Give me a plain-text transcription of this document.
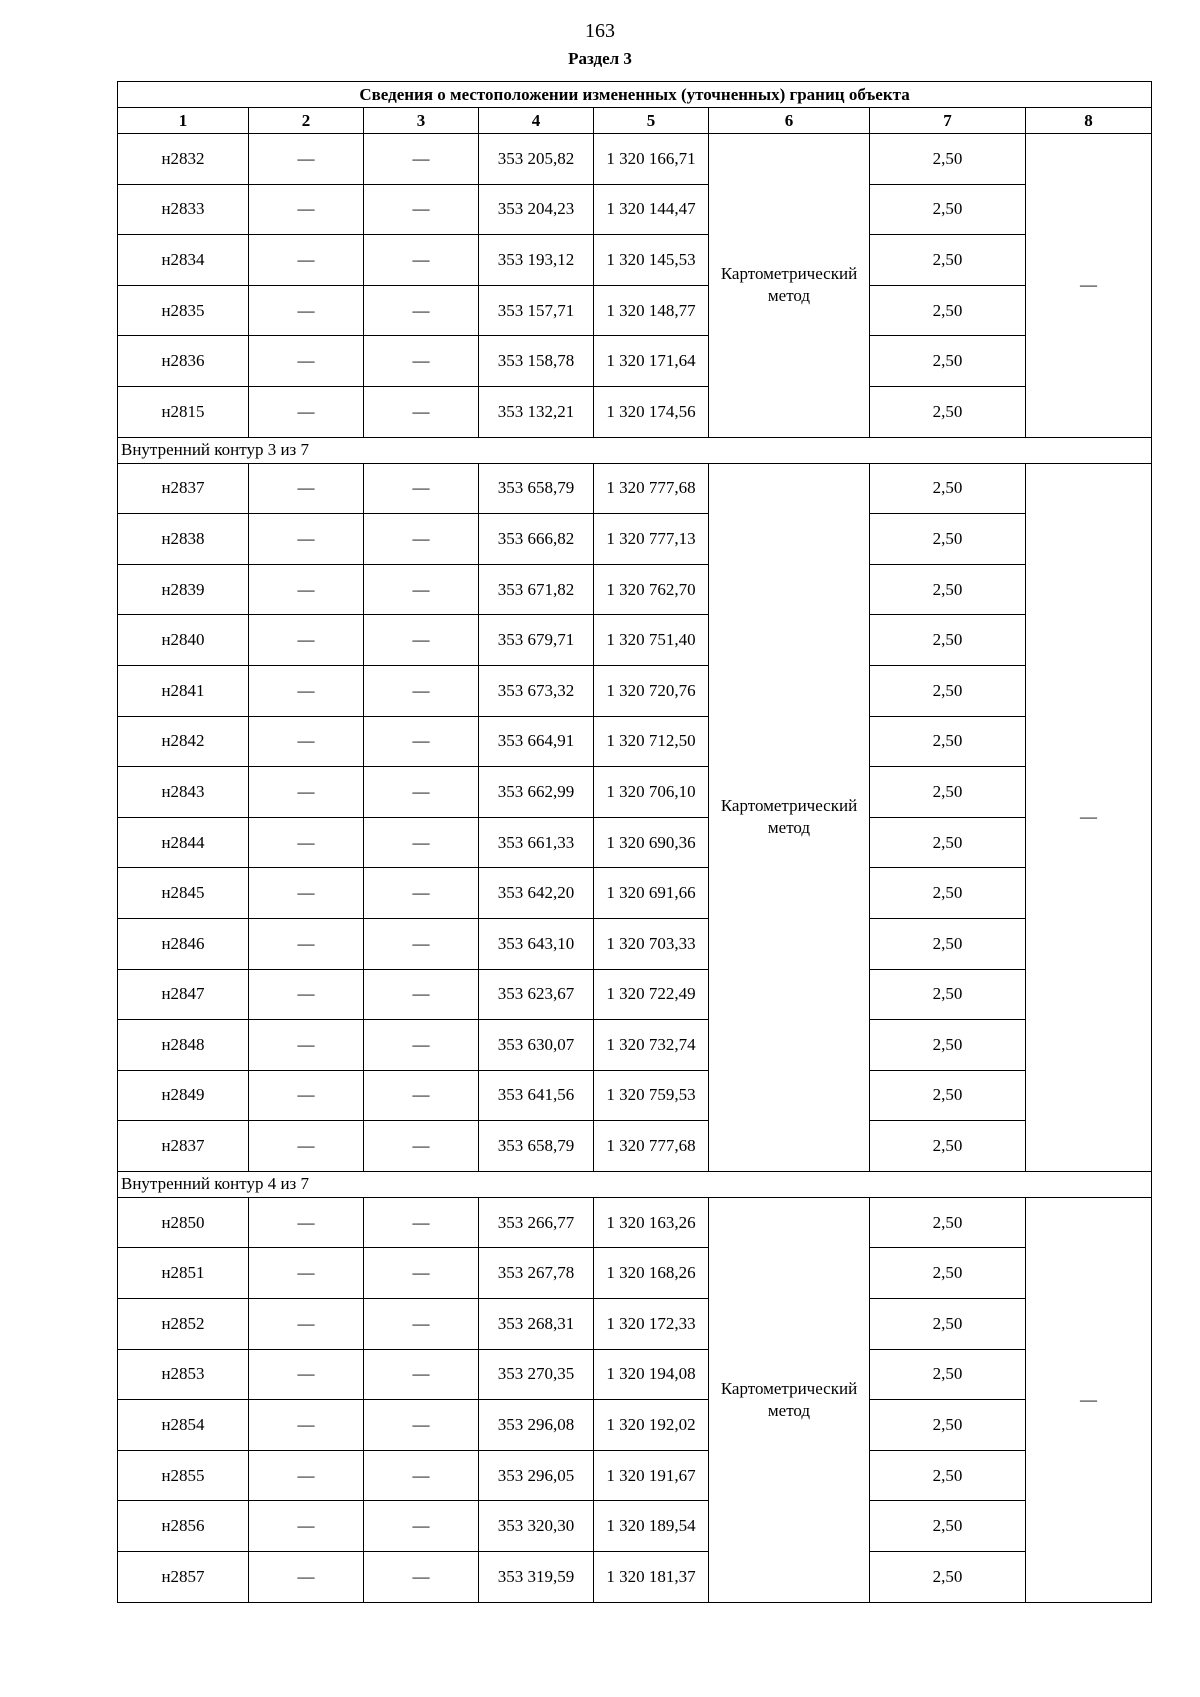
163
Раздел 3
Сведения о местоположении измененных (уточненных) границ объекта							
1	2	3	4	5	6	7	8
н2832	—	—	353 205,82	1 320 166,71	Картометрический метод	2,50	—
н2833	—	—	353 204,23	1 320 144,47		2,50	
н2834	—	—	353 193,12	1 320 145,53		2,50	
н2835	—	—	353 157,71	1 320 148,77		2,50	
н2836	—	—	353 158,78	1 320 171,64		2,50	
н2815	—	—	353 132,21	1 320 174,56		2,50	
Внутренний контур 3 из 7							
н2837	—	—	353 658,79	1 320 777,68	Картометрический метод	2,50	—
н2838	—	—	353 666,82	1 320 777,13		2,50	
н2839	—	—	353 671,82	1 320 762,70		2,50	
н2840	—	—	353 679,71	1 320 751,40		2,50	
н2841	—	—	353 673,32	1 320 720,76		2,50	
н2842	—	—	353 664,91	1 320 712,50		2,50	
н2843	—	—	353 662,99	1 320 706,10		2,50	
н2844	—	—	353 661,33	1 320 690,36		2,50	
н2845	—	—	353 642,20	1 320 691,66		2,50	
н2846	—	—	353 643,10	1 320 703,33		2,50	
н2847	—	—	353 623,67	1 320 722,49		2,50	
н2848	—	—	353 630,07	1 320 732,74		2,50	
н2849	—	—	353 641,56	1 320 759,53		2,50	
н2837	—	—	353 658,79	1 320 777,68		2,50	
Внутренний контур 4 из 7							
н2850	—	—	353 266,77	1 320 163,26	Картометрический метод	2,50	—
н2851	—	—	353 267,78	1 320 168,26		2,50	
н2852	—	—	353 268,31	1 320 172,33		2,50	
н2853	—	—	353 270,35	1 320 194,08		2,50	
н2854	—	—	353 296,08	1 320 192,02		2,50	
н2855	—	—	353 296,05	1 320 191,67		2,50	
н2856	—	—	353 320,30	1 320 189,54		2,50	
н2857	—	—	353 319,59	1 320 181,37		2,50	
